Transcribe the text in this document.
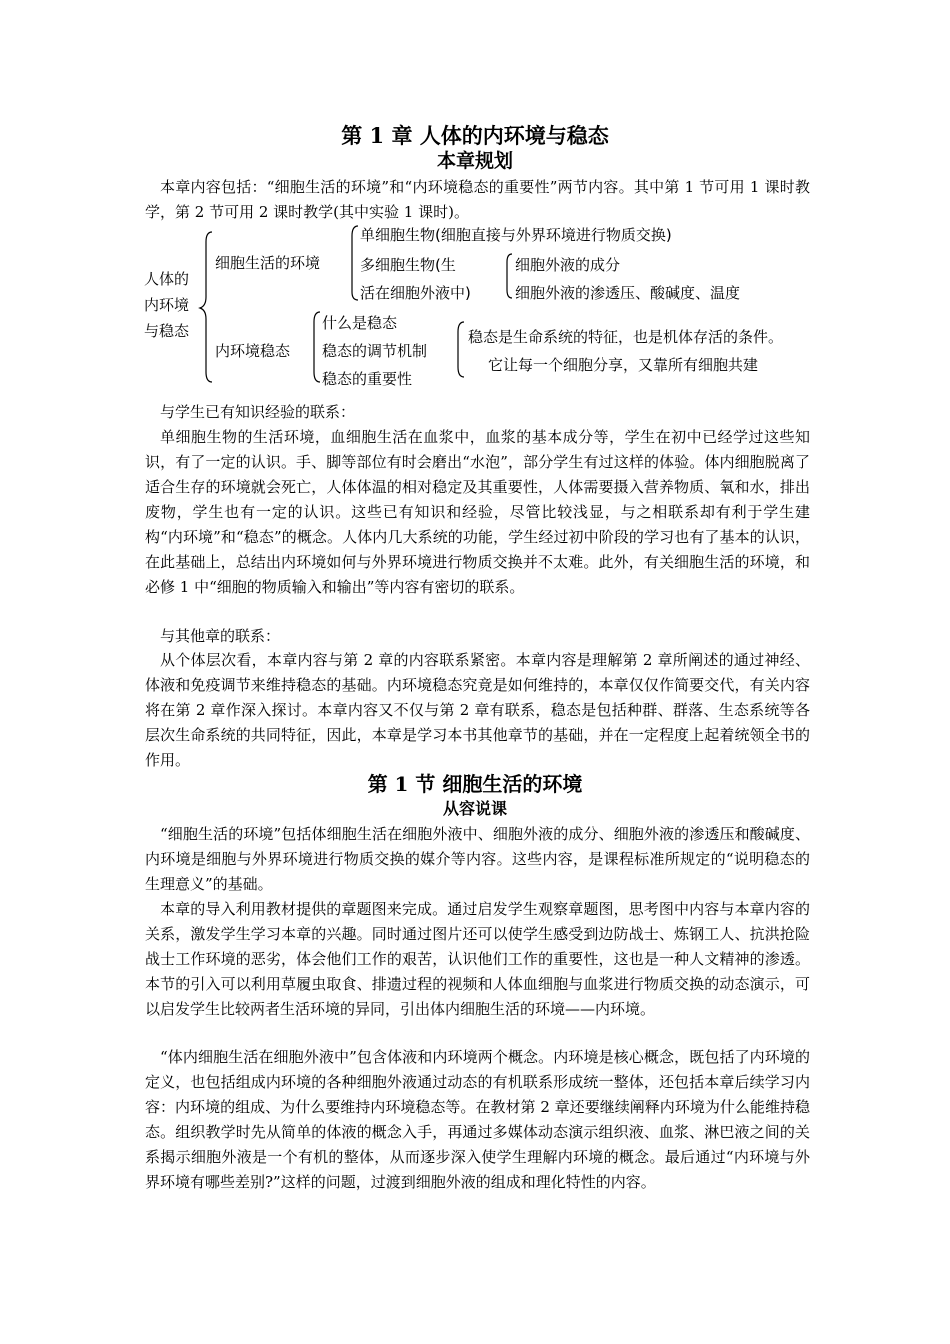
第 1 章 人体的内环境与稳态
本章规划

本章内容包括：“细胞生活的环境”和“内环境稳态的重要性”两节内容。其中第 1 节可用 1 课时教学，第 2 节可用 2 课时教学(其中实验 1 课时)。

人体的
内环境
与稳态
细胞生活的环境
单细胞生物(细胞直接与外界环境进行物质交换)
多细胞生物(生
活在细胞外液中)
细胞外液的成分
细胞外液的渗透压、酸碱度、温度
内环境稳态
什么是稳态
稳态的调节机制
稳态的重要性
稳态是生命系统的特征，也是机体存活的条件。
它让每一个细胞分享，又靠所有细胞共建

与学生已有知识经验的联系：

单细胞生物的生活环境，血细胞生活在血浆中，血浆的基本成分等，学生在初中已经学过这些知识，有了一定的认识。手、脚等部位有时会磨出“水泡”，部分学生有过这样的体验。体内细胞脱离了适合生存的环境就会死亡，人体体温的相对稳定及其重要性，人体需要摄入营养物质、氧和水，排出废物，学生也有一定的认识。这些已有知识和经验，尽管比较浅显，与之相联系却有利于学生建构“内环境”和“稳态”的概念。人体内几大系统的功能，学生经过初中阶段的学习也有了基本的认识，在此基础上，总结出内环境如何与外界环境进行物质交换并不太难。此外，有关细胞生活的环境，和必修 1 中“细胞的物质输入和输出”等内容有密切的联系。

与其他章的联系：

从个体层次看，本章内容与第 2 章的内容联系紧密。本章内容是理解第 2 章所阐述的通过神经、体液和免疫调节来维持稳态的基础。内环境稳态究竟是如何维持的，本章仅仅作简要交代，有关内容将在第 2 章作深入探讨。本章内容又不仅与第 2 章有联系，稳态是包括种群、群落、生态系统等各层次生命系统的共同特征，因此，本章是学习本书其他章节的基础，并在一定程度上起着统领全书的作用。

第 1 节 细胞生活的环境
从容说课

“细胞生活的环境”包括体细胞生活在细胞外液中、细胞外液的成分、细胞外液的渗透压和酸碱度、内环境是细胞与外界环境进行物质交换的媒介等内容。这些内容，是课程标准所规定的“说明稳态的生理意义”的基础。

本章的导入利用教材提供的章题图来完成。通过启发学生观察章题图，思考图中内容与本章内容的关系，激发学生学习本章的兴趣。同时通过图片还可以使学生感受到边防战士、炼钢工人、抗洪抢险战士工作环境的恶劣，体会他们工作的艰苦，认识他们工作的重要性，这也是一种人文精神的渗透。本节的引入可以利用草履虫取食、排遗过程的视频和人体血细胞与血浆进行物质交换的动态演示，可以启发学生比较两者生活环境的异同，引出体内细胞生活的环境——内环境。

“体内细胞生活在细胞外液中”包含体液和内环境两个概念。内环境是核心概念，既包括了内环境的定义，也包括组成内环境的各种细胞外液通过动态的有机联系形成统一整体，还包括本章后续学习内容：内环境的组成、为什么要维持内环境稳态等。在教材第 2 章还要继续阐释内环境为什么能维持稳态。组织教学时先从简单的体液的概念入手，再通过多媒体动态演示组织液、血浆、淋巴液之间的关系揭示细胞外液是一个有机的整体，从而逐步深入使学生理解内环境的概念。最后通过“内环境与外界环境有哪些差别?”这样的问题，过渡到细胞外液的组成和理化特性的内容。
